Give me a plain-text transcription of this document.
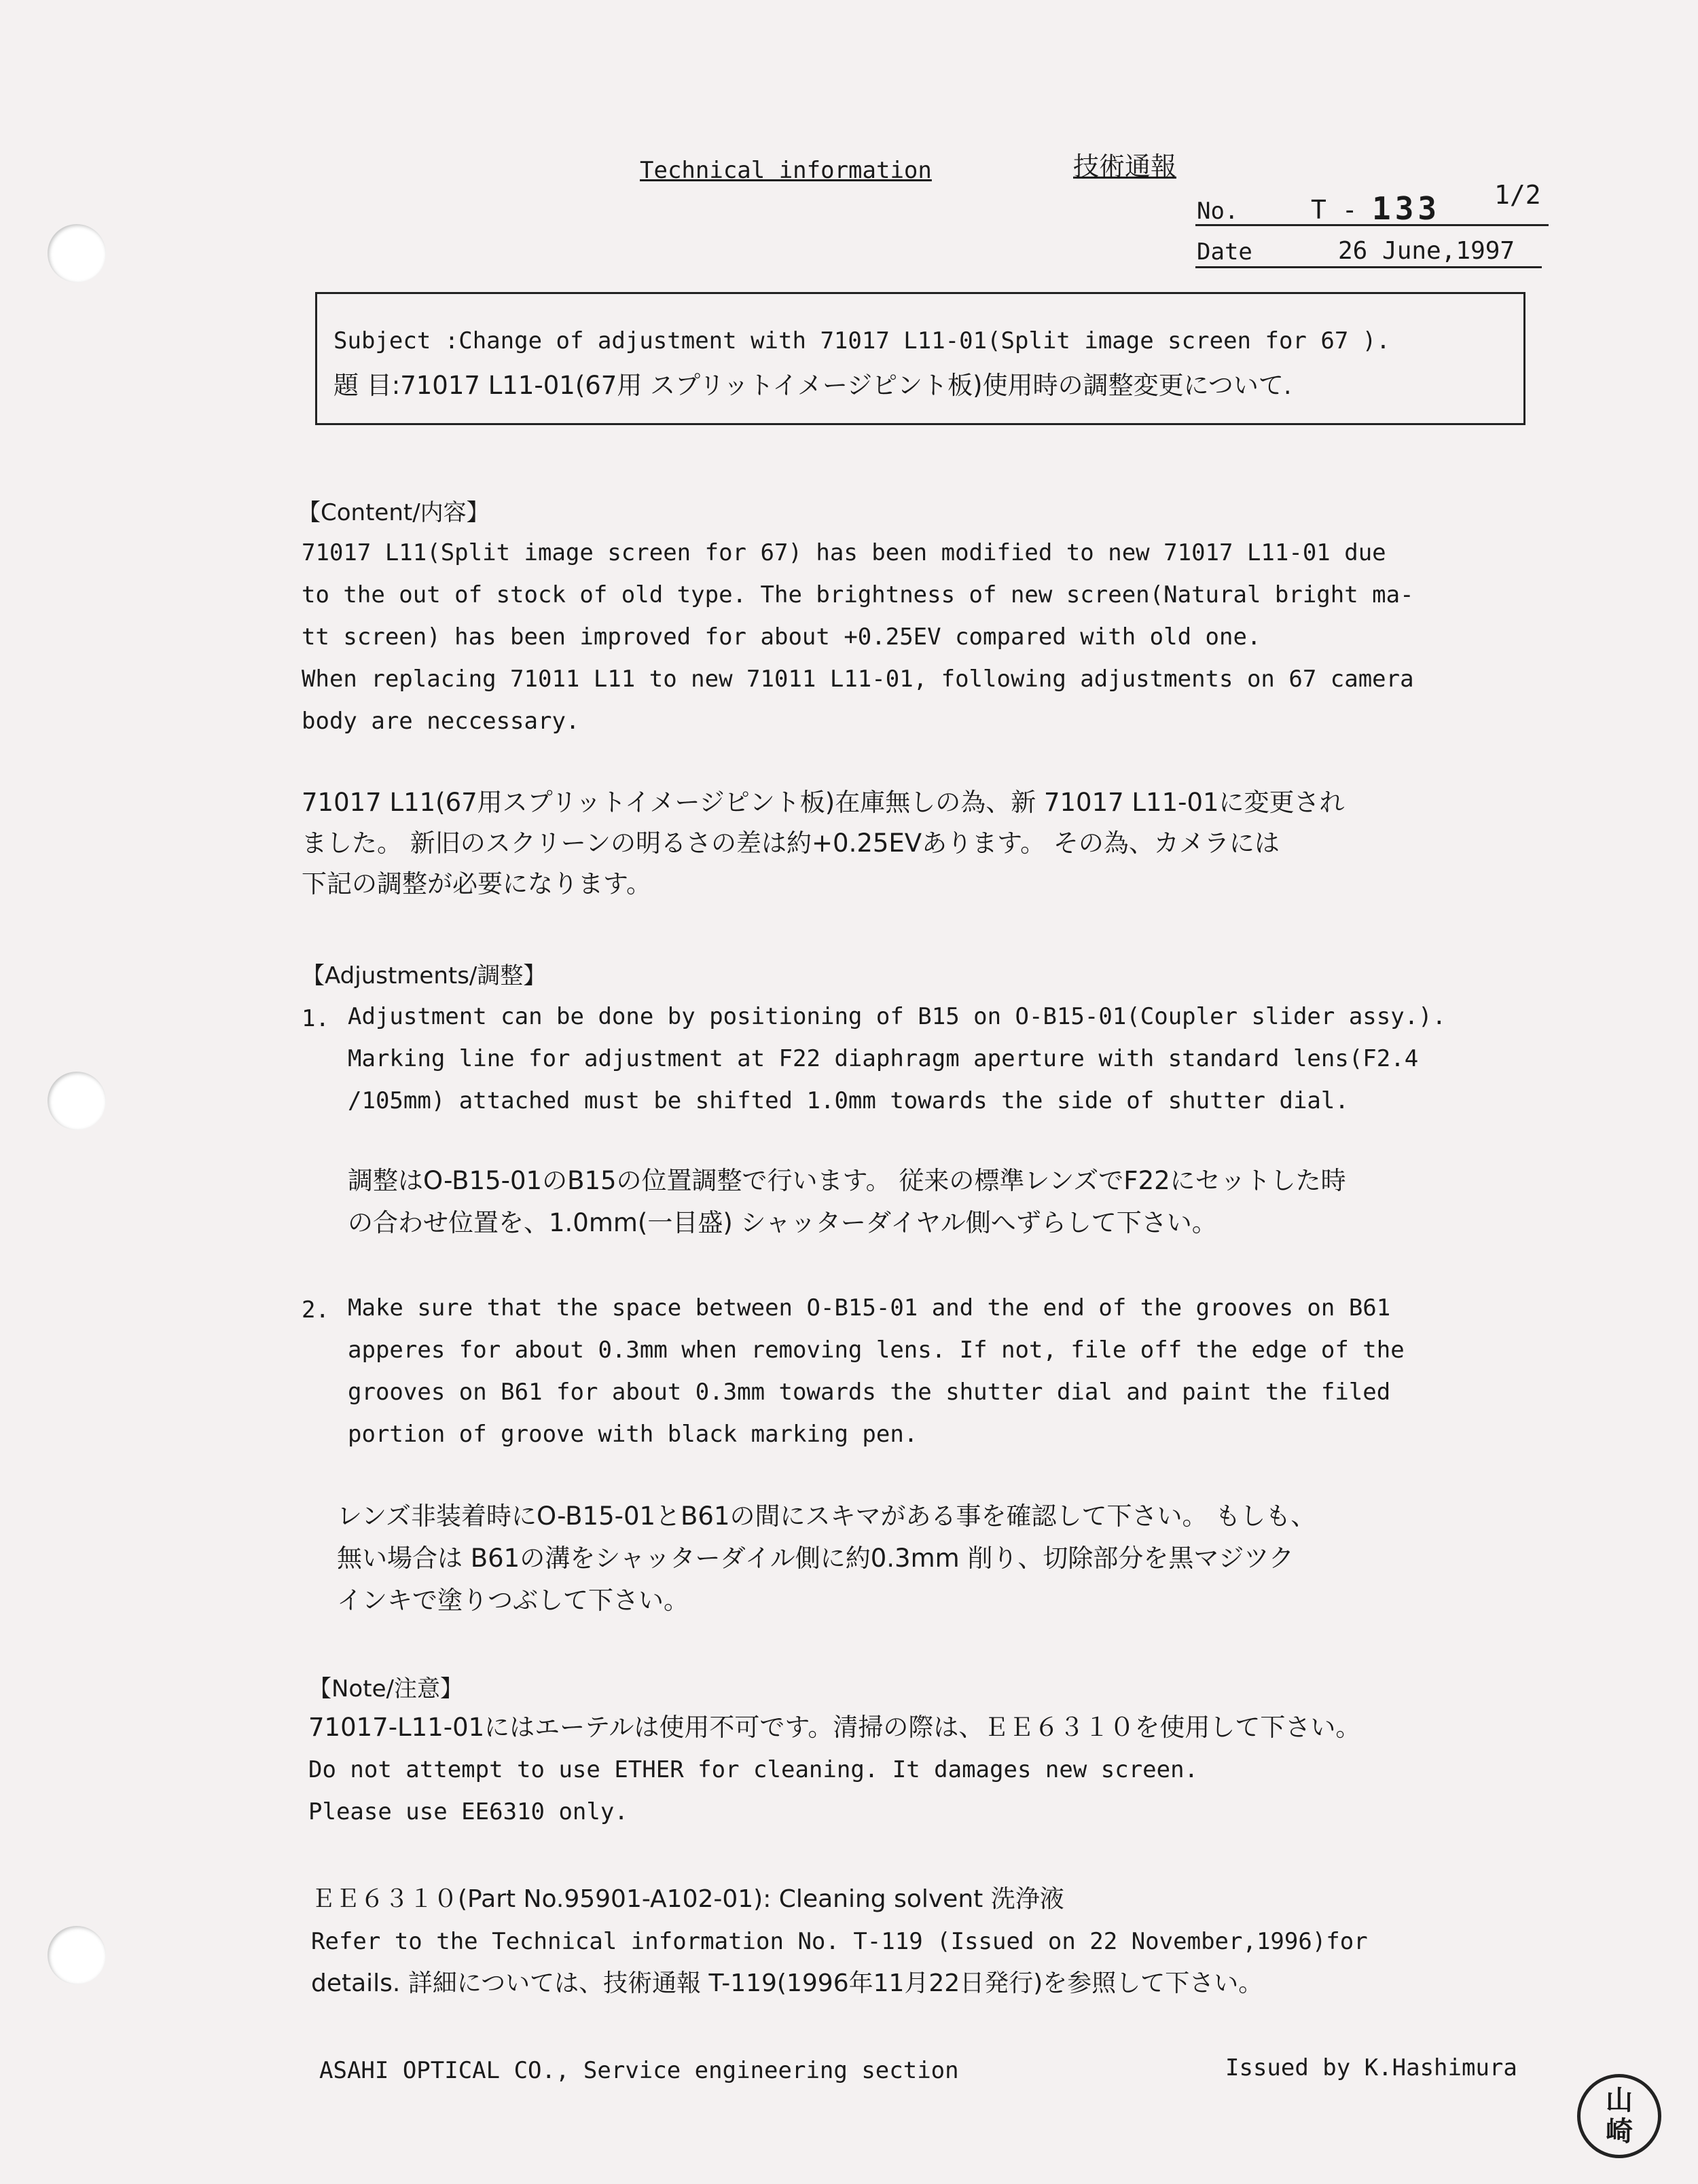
Technical information	技術通報
No.	T - 133 1/2
Date	26 June,1997
Subject :Change of adjustment with 71017 L11-01(Split image screen for 67 ).
題 目:71017 L11-01(67用 スプリットイメージピント板)使用時の調整変更について.
【Content/内容】
71017 L11(Split image screen for 67) has been modified to new 71017 L11-01 due
to the out of stock of old type. The brightness of new screen(Natural bright ma-
tt screen) has been improved for about +0.25EV compared with old one.
When replacing 71011 L11 to new 71011 L11-01, following adjustments on 67 camera
body are neccessary.
71017 L11(67用スプリットイメージピント板)在庫無しの為、新 71017 L11-01に変更され
ました。 新旧のスクリーンの明るさの差は約+0.25EVあります。 その為、カメラには
下記の調整が必要になります。
【Adjustments/調整】
1. Adjustment can be done by positioning of B15 on O-B15-01(Coupler slider assy.).
Marking line for adjustment at F22 diaphragm aperture with standard lens(F2.4
/105mm) attached must be shifted 1.0mm towards the side of shutter dial.
調整はO-B15-01のB15の位置調整で行います。 従来の標準レンズでF22にセットした時
の合わせ位置を、1.0mm(一目盛) シャッターダイヤル側へずらして下さい。
2. Make sure that the space between O-B15-01 and the end of the grooves on B61
apperes for about 0.3mm when removing lens. If not, file off the edge of the
grooves on B61 for about 0.3mm towards the shutter dial and paint the filed
portion of groove with black marking pen.
レンズ非装着時にO-B15-01とB61の間にスキマがある事を確認して下さい。 もしも、
無い場合は B61の溝をシャッターダイル側に約0.3mm 削り、切除部分を黒マジツク
インキで塗りつぶして下さい。
【Note/注意】
71017-L11-01にはエーテルは使用不可です。清掃の際は、ＥＥ６３１０を使用して下さい。
Do not attempt to use ETHER for cleaning. It damages new screen.
Please use EE6310 only.
ＥＥ６３１０(Part No.95901-A102-01): Cleaning solvent 洗浄液
Refer to the Technical information No. T-119 (Issued on 22 November,1996)for
details. 詳細については、技術通報 T-119(1996年11月22日発行)を参照して下さい。
ASAHI OPTICAL CO., Service engineering section	Issued by K.Hashimura
山
崎
